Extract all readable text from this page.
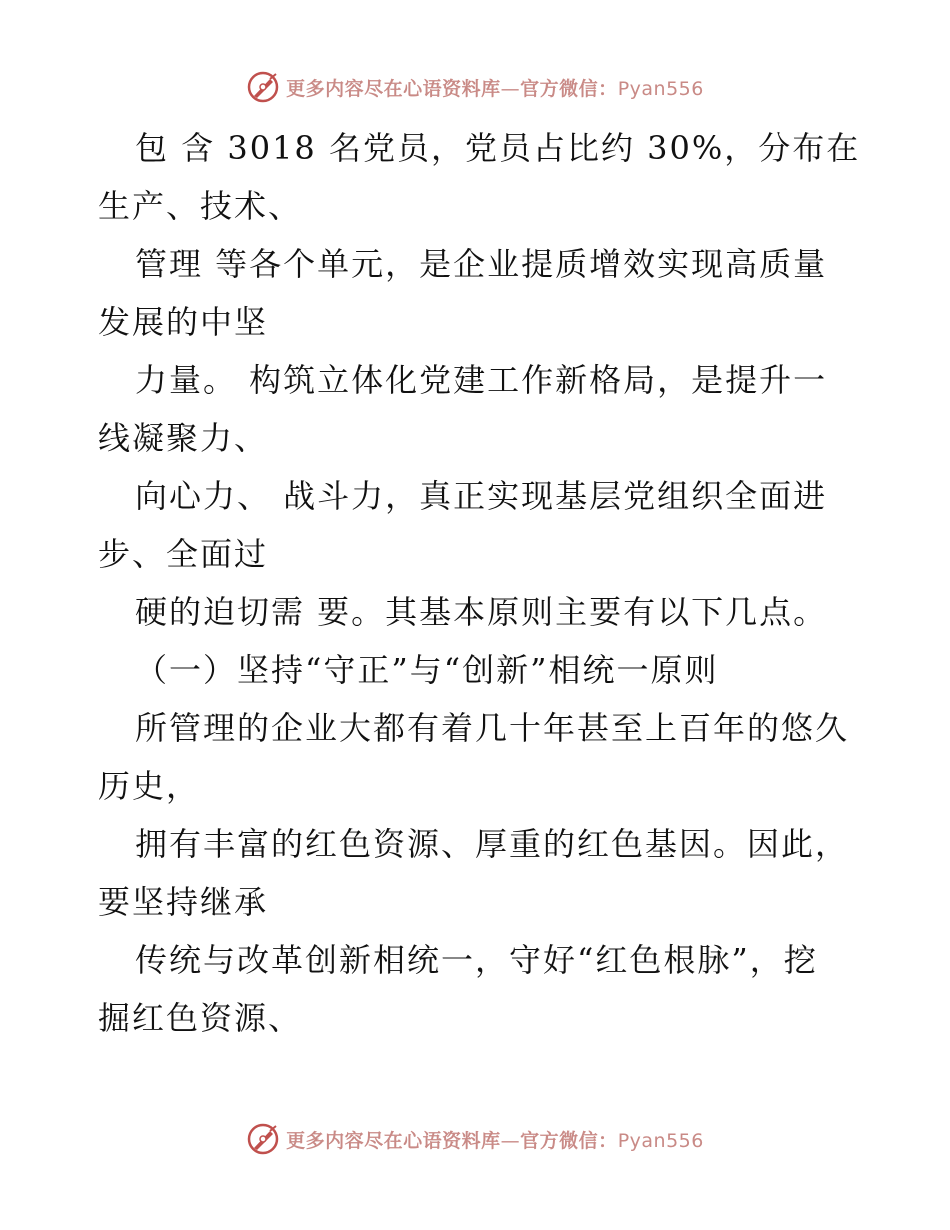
更多内容尽在心语资料库—官方微信：Pyan556
包 含 3018 名党员，党员占比约 30%，分布在
生产、技术、
管理 等各个单元，是企业提质增效实现高质量
发展的中坚
力量。 构筑立体化党建工作新格局，是提升一
线凝聚力、
向心力、 战斗力，真正实现基层党组织全面进
步、全面过
硬的迫切需 要。其基本原则主要有以下几点。
（一）坚持“守正”与“创新”相统一原则
所管理的企业大都有着几十年甚至上百年的悠久
历史，
拥有丰富的红色资源、厚重的红色基因。因此，
要坚持继承
传统与改革创新相统一，守好“红色根脉”，挖
掘红色资源、
更多内容尽在心语资料库—官方微信：Pyan556
